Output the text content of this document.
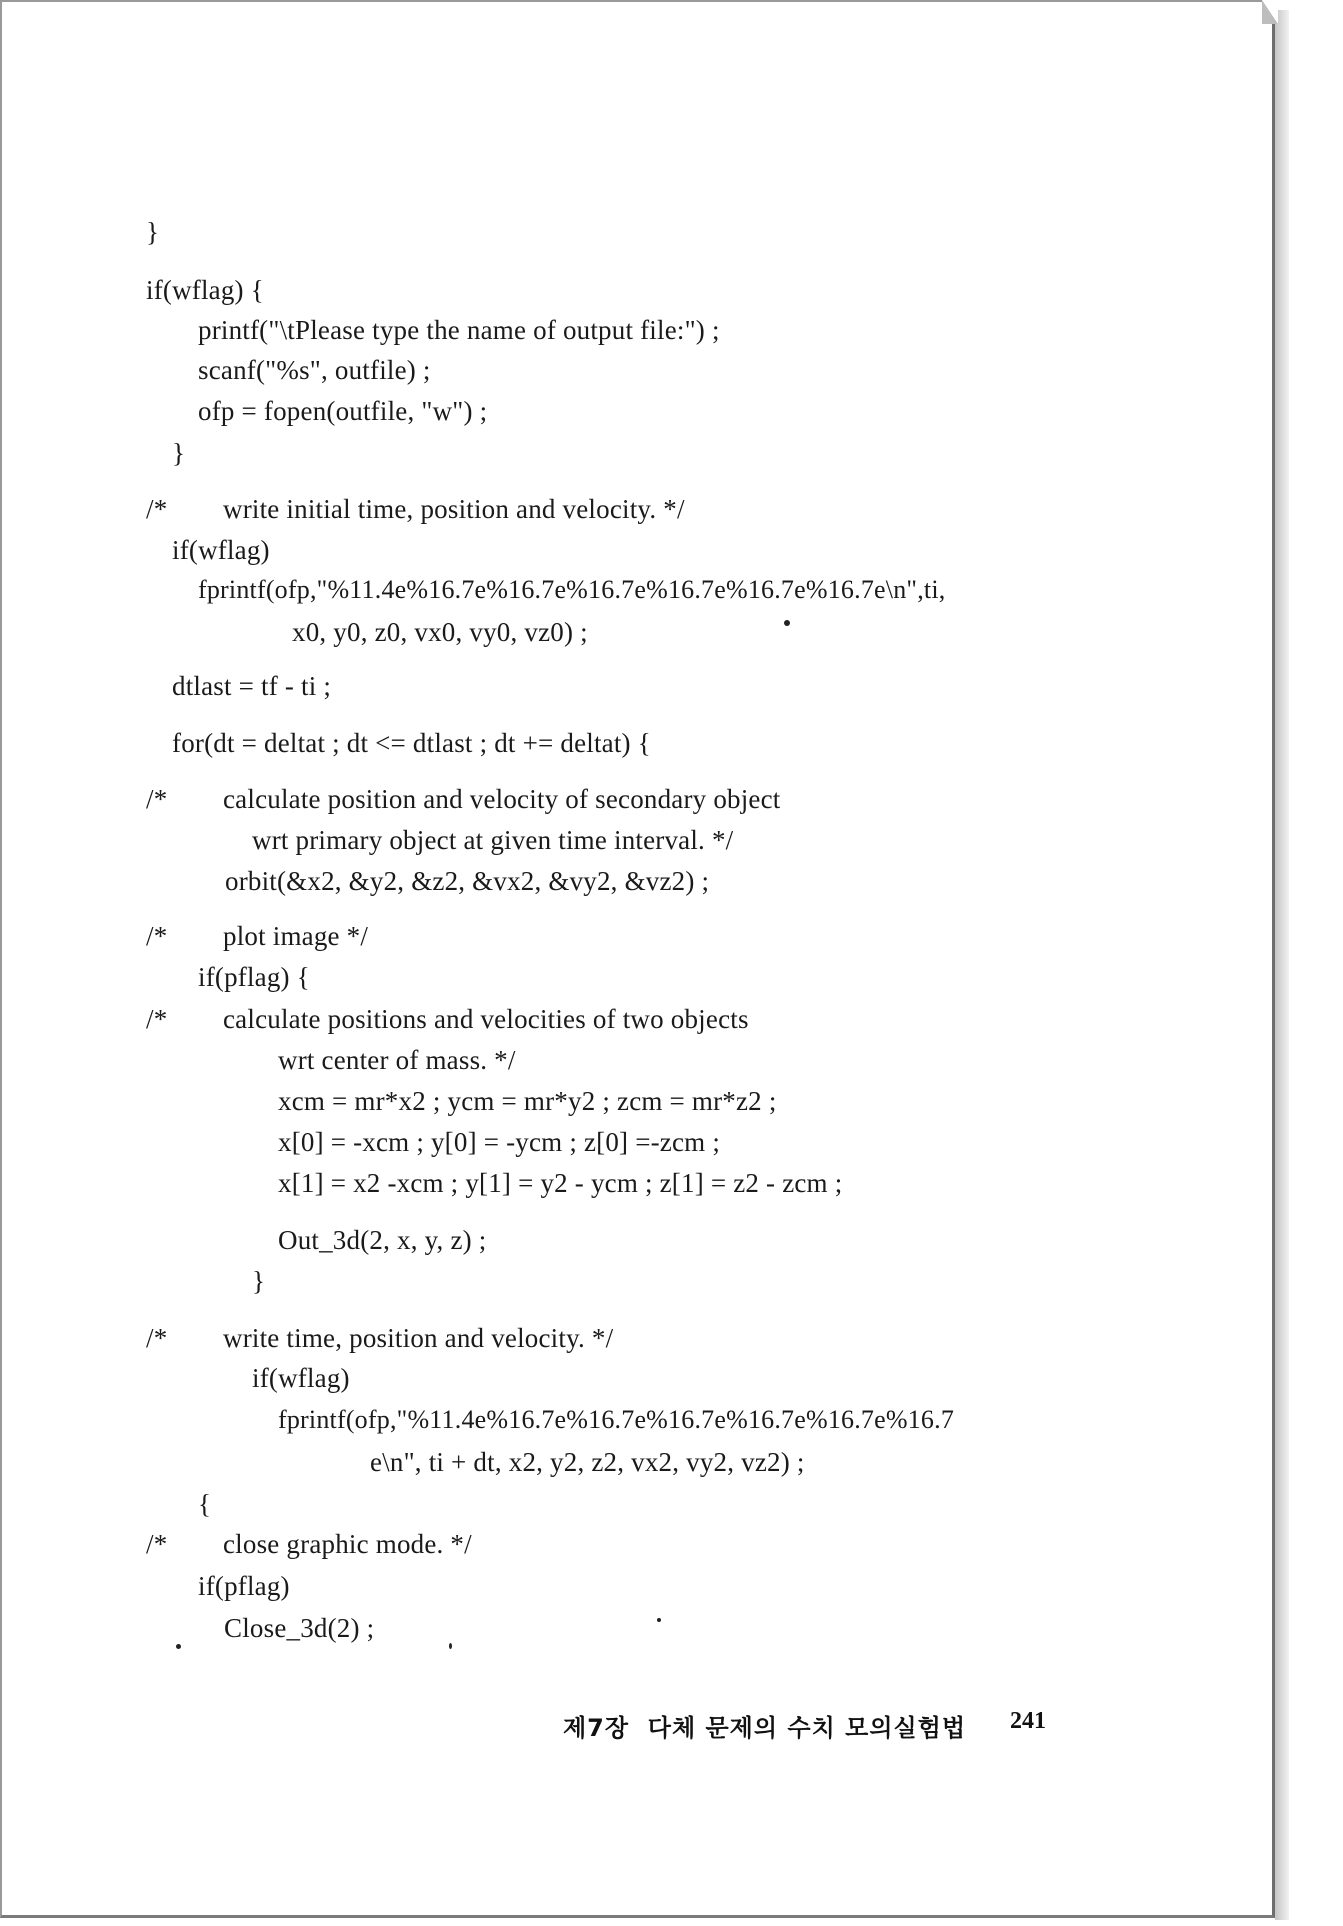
}
if(wflag) {
printf("\tPlease type the name of output file:") ;
scanf("%s", outfile) ;
ofp = fopen(outfile, "w") ;
}
/*        write initial time, position and velocity. */
if(wflag)
fprintf(ofp,"%11.4e%16.7e%16.7e%16.7e%16.7e%16.7e%16.7e\n",ti,
x0, y0, z0, vx0, vy0, vz0) ;
dtlast = tf - ti ;
for(dt = deltat ; dt <= dtlast ; dt += deltat) {
/*        calculate position and velocity of secondary object
wrt primary object at given time interval. */
orbit(&x2, &y2, &z2, &vx2, &vy2, &vz2) ;
/*        plot image */
if(pflag) {
/*        calculate positions and velocities of two objects
wrt center of mass. */
xcm = mr*x2 ; ycm = mr*y2 ; zcm = mr*z2 ;
x[0] = -xcm ; y[0] = -ycm ; z[0] =-zcm ;
x[1] = x2 -xcm ; y[1] = y2 - ycm ; z[1] = z2 - zcm ;
Out_3d(2, x, y, z) ;
}
/*        write time, position and velocity. */
if(wflag)
fprintf(ofp,"%11.4e%16.7e%16.7e%16.7e%16.7e%16.7e%16.7
e\n", ti + dt, x2, y2, z2, vx2, vy2, vz2) ;
{
/*        close graphic mode. */
if(pflag)
Close_3d(2) ;
제7장  다체 문제의 수치 모의실험법 241
